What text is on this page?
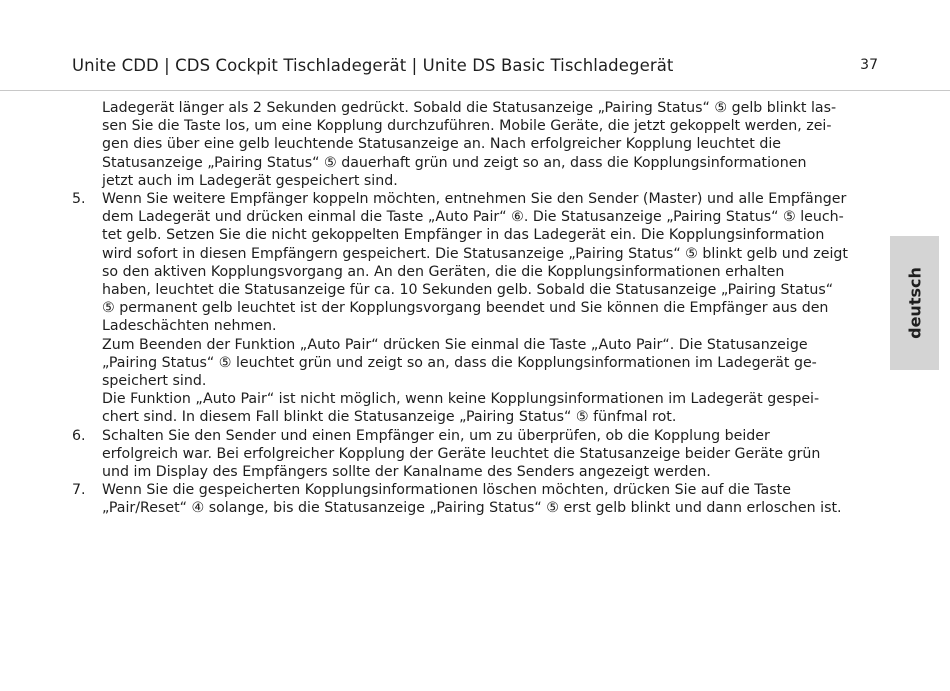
Unite CDD | CDS Cockpit Tischladegerät | Unite DS Basic Tischladegerät	37
deutsch
Ladegerät länger als 2 Sekunden gedrückt. Sobald die Statusanzeige „Pairing Status“ ⑤ gelb blinkt las-
sen Sie die Taste los, um eine Kopplung durchzuführen. Mobile Geräte, die jetzt gekoppelt werden, zei-
gen dies über eine gelb leuchtende Statusanzeige an. Nach erfolgreicher Kopplung leuchtet die
Statusanzeige „Pairing Status“ ⑤ dauerhaft grün und zeigt so an, dass die Kopplungsinformationen
jetzt auch im Ladegerät gespeichert sind.
5. Wenn Sie weitere Empfänger koppeln möchten, entnehmen Sie den Sender (Master) und alle Empfänger
dem Ladegerät und drücken einmal die Taste „Auto Pair“ ⑥. Die Statusanzeige „Pairing Status“ ⑤ leuch-
tet gelb. Setzen Sie die nicht gekoppelten Empfänger in das Ladegerät ein. Die Kopplungsinformation
wird sofort in diesen Empfängern gespeichert. Die Statusanzeige „Pairing Status“ ⑤ blinkt gelb und zeigt
so den aktiven Kopplungsvorgang an. An den Geräten, die die Kopplungsinformationen erhalten
haben, leuchtet die Statusanzeige für ca. 10 Sekunden gelb. Sobald die Statusanzeige „Pairing Status“
⑤ permanent gelb leuchtet ist der Kopplungsvorgang beendet und Sie können die Empfänger aus den
Ladeschächten nehmen.
Zum Beenden der Funktion „Auto Pair“ drücken Sie einmal die Taste „Auto Pair“. Die Statusanzeige
„Pairing Status“ ⑤ leuchtet grün und zeigt so an, dass die Kopplungsinformationen im Ladegerät ge-
speichert sind.
Die Funktion „Auto Pair“ ist nicht möglich, wenn keine Kopplungsinformationen im Ladegerät gespei-
chert sind. In diesem Fall blinkt die Statusanzeige „Pairing Status“ ⑤ fünfmal rot.
6. Schalten Sie den Sender und einen Empfänger ein, um zu überprüfen, ob die Kopplung beider
erfolgreich war. Bei erfolgreicher Kopplung der Geräte leuchtet die Statusanzeige beider Geräte grün
und im Display des Empfängers sollte der Kanalname des Senders angezeigt werden.
7. Wenn Sie die gespeicherten Kopplungsinformationen löschen möchten, drücken Sie auf die Taste
„Pair/Reset“ ④ solange, bis die Statusanzeige „Pairing Status“ ⑤ erst gelb blinkt und dann erloschen ist.
